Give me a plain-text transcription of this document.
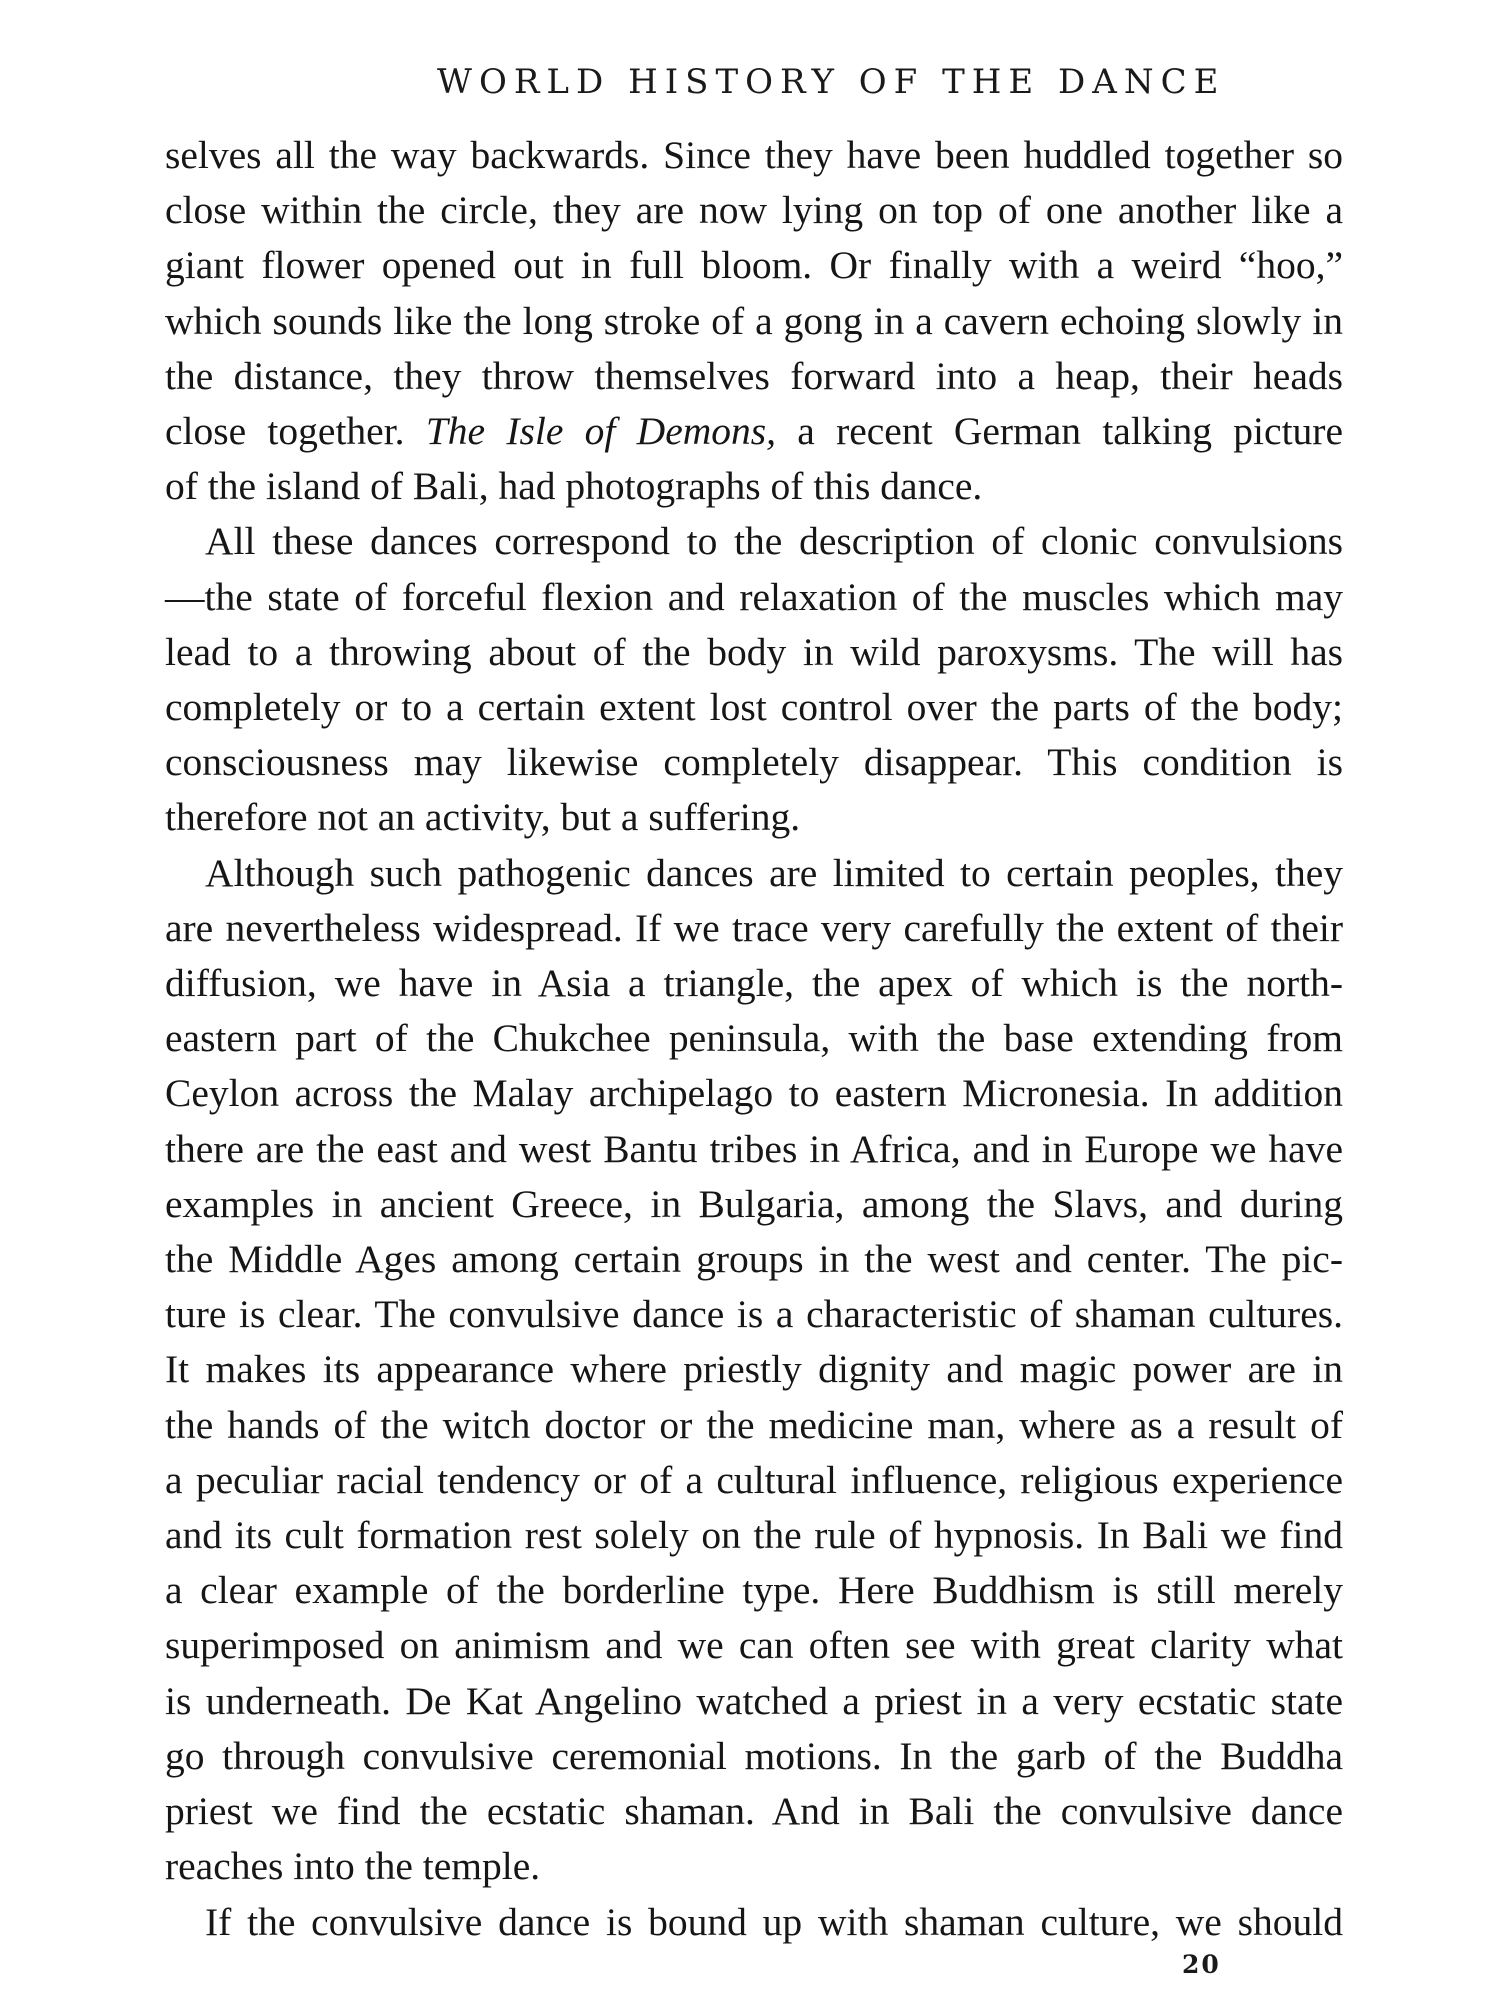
WORLD HISTORY OF THE DANCE
selves all the way backwards. Since they have been huddled together so
close within the circle, they are now lying on top of one another like a
giant flower opened out in full bloom. Or finally with a weird “hoo,”
which sounds like the long stroke of a gong in a cavern echoing slowly in
the distance, they throw themselves forward into a heap, their heads
close together. The Isle of Demons, a recent German talking picture
of the island of Bali, had photographs of this dance.
All these dances correspond to the description of clonic convulsions
—the state of forceful flexion and relaxation of the muscles which may
lead to a throwing about of the body in wild paroxysms. The will has
completely or to a certain extent lost control over the parts of the body;
consciousness may likewise completely disappear. This condition is
therefore not an activity, but a suffering.
Although such pathogenic dances are limited to certain peoples, they
are nevertheless widespread. If we trace very carefully the extent of their
diffusion, we have in Asia a triangle, the apex of which is the north-
eastern part of the Chukchee peninsula, with the base extending from
Ceylon across the Malay archipelago to eastern Micronesia. In addition
there are the east and west Bantu tribes in Africa, and in Europe we have
examples in ancient Greece, in Bulgaria, among the Slavs, and during
the Middle Ages among certain groups in the west and center. The pic-
ture is clear. The convulsive dance is a characteristic of shaman cultures.
It makes its appearance where priestly dignity and magic power are in
the hands of the witch doctor or the medicine man, where as a result of
a peculiar racial tendency or of a cultural influence, religious experience
and its cult formation rest solely on the rule of hypnosis. In Bali we find
a clear example of the borderline type. Here Buddhism is still merely
superimposed on animism and we can often see with great clarity what
is underneath. De Kat Angelino watched a priest in a very ecstatic state
go through convulsive ceremonial motions. In the garb of the Buddha
priest we find the ecstatic shaman. And in Bali the convulsive dance
reaches into the temple.
If the convulsive dance is bound up with shaman culture, we should
20
